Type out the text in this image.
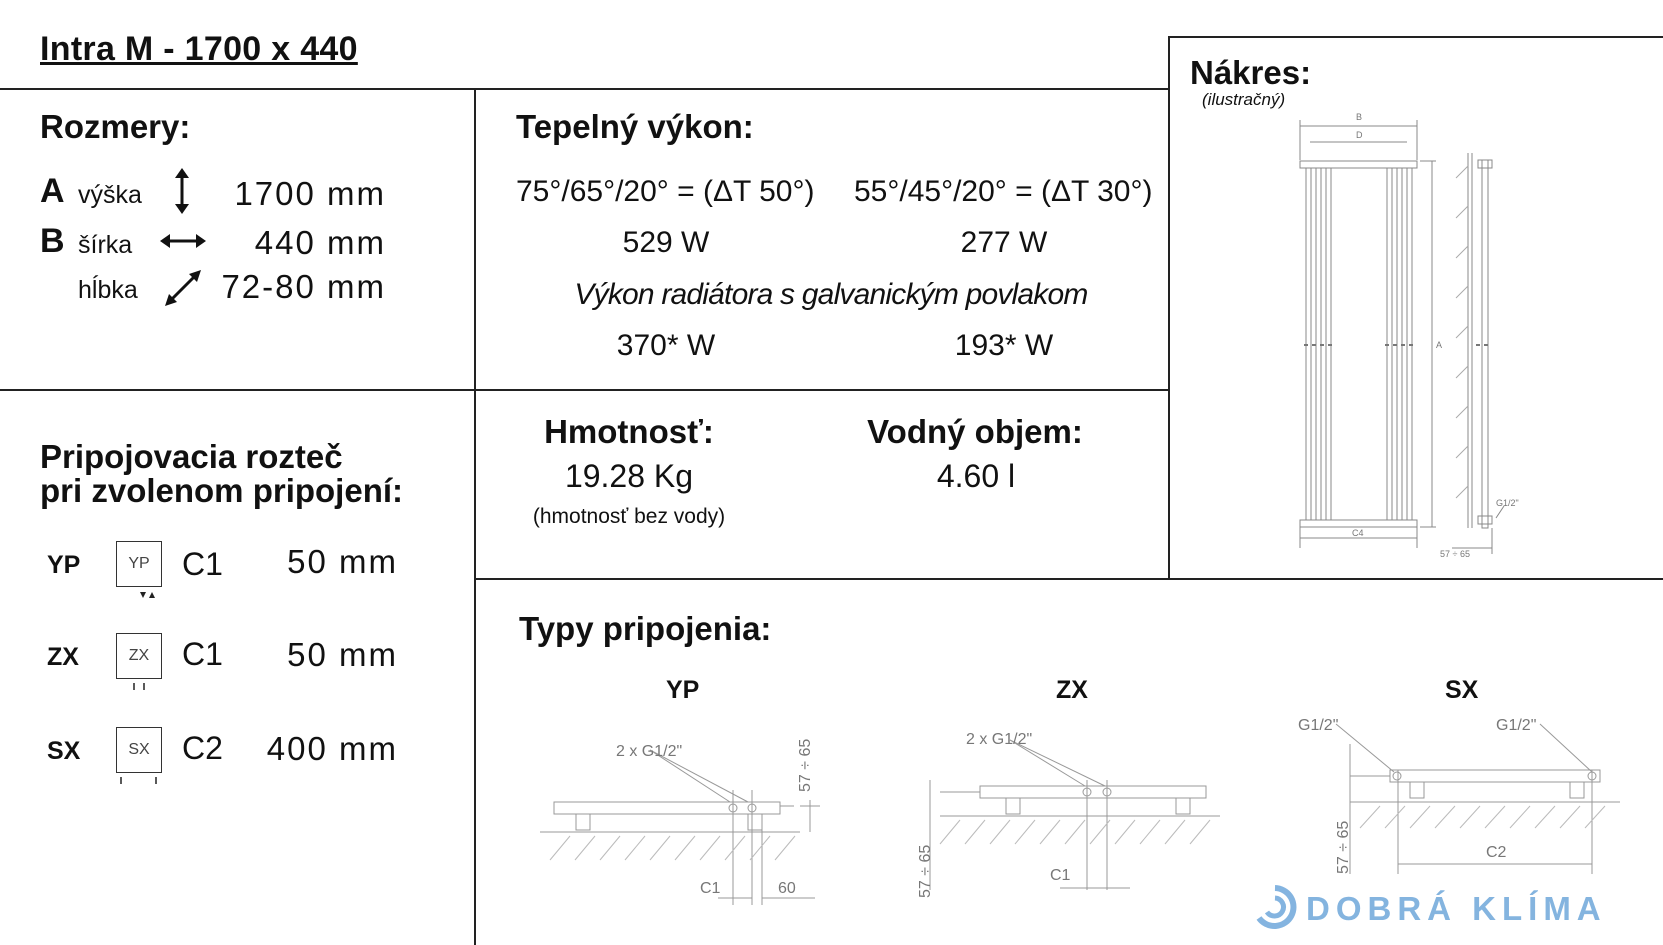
Intra M - 1700 x 440
Rozmery:
A výška	1700 mm
B šírka	440 mm
hĺbka	72-80 mm
Tepelný výkon:
75°/65°/20° = (ΔT 50°) 55°/45°/20° = (ΔT 30°)
529 W	277 W
Výkon radiátora s galvanickým povlakom
370* W	193* W
Nákres:
(ilustračný)
B
D
A
C4
G1/2"
57 ÷ 65
Hmotnosť:
19.28 Kg
(hmotnosť bez vody)
Vodný objem:
4.60 l
Pripojovacia rozteč
pri zvolenom pripojení:
YP	YP	C1	50 mm
ZX	ZX	C1	50 mm
SX	SX	C2	400 mm
Typy pripojenia:
YP
2 x G1/2"	57 ÷ 65
C1	60
ZX
2 x G1/2"
57 ÷ 65	C1
SX
G1/2"	G1/2"
57 ÷ 65	C2
DOBRÁ KLÍMA
